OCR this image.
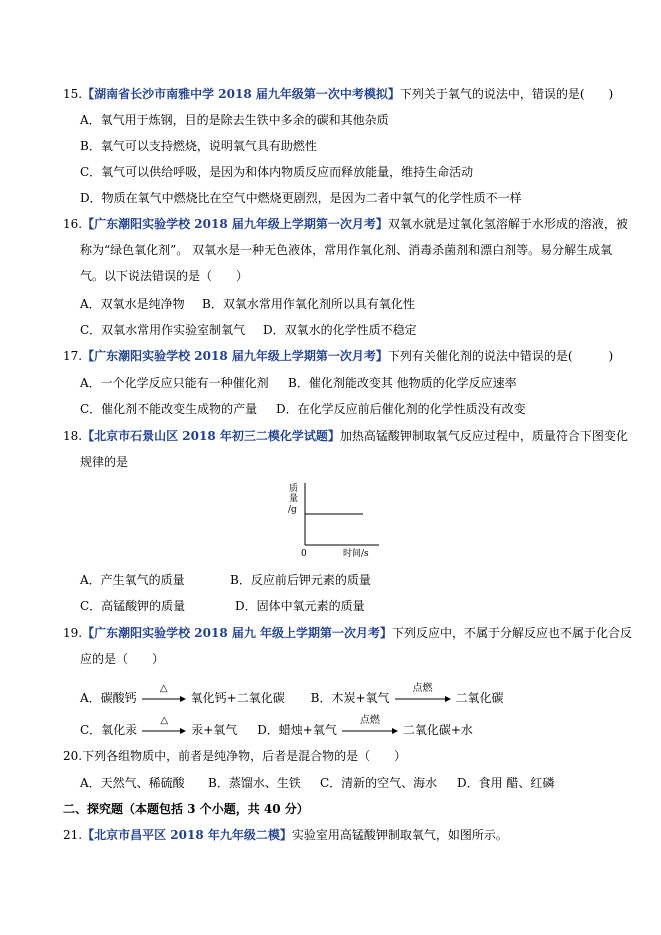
15.【湖南省长沙市南雅中学 2018 届九年级第一次中考模拟】下列关于氧气的说法中，错误的是(　　)
A．氧气用于炼钢，目的是除去生铁中多余的碳和其他杂质
B．氧气可以支持燃烧，说明氧气具有助燃性
C．氧气可以供给呼吸，是因为和体内物质反应而释放能量，维持生命活动
D．物质在氧气中燃烧比在空气中燃烧更剧烈，是因为二者中氧气的化学性质不一样
16.【广东潮阳实验学校 2018 届九年级上学期第一次月考】双氧水就是过氧化氢溶解于水形成的溶液，被
称为“绿色氧化剂”。 双氧水是一种无色液体，常用作氧化剂、消毒杀菌剂和漂白剂等。易分解生成氧
气。以下说法错误的是（　　）
A．双氧水是纯净物 B．双氧水常用作氧化剂所以具有氧化性
C．双氧水常用作实验室制氧气 D．双氧水的化学性质不稳定
17.【广东潮阳实验学校 2018 届九年级上学期第一次月考】下列有关催化剂的说法中错误的是(　　　)
A．一个化学反应只能有一种催化剂 B．催化剂能改变其 他物质的化学反应速率
C．催化剂不能改变生成物的产量 D．在化学反应前后催化剂的化学性质没有改变
18.【北京市石景山区 2018 年初三二模化学试题】加热高锰酸钾制取氧气反应过程中，质量符合下图变化
规律的是
质
量
/g
0	时间/s
A．产生氧气的质量	B．反应前后钾元素的质量
C．高锰酸钾的质量	D．固体中氧元素的质量
19.【广东潮阳实验学校 2018 届九 年级上学期第一次月考】下列反应中，不属于分解反应也不属于化合反
应的是（　　）
A．碳酸钙
△
氧化钙+二氧化碳 B．木炭+氧气
点燃
二氧化碳
C．氧化汞
△
汞+氧气 D．蜡烛+氧气
点燃
二氧化碳+水
20.下列各组物质中，前者是纯净物，后者是混合物的是（　　）
A．天然气、稀硫酸 B．蒸馏水、生铁 C．清新的空气、海水 D．食用 醋、红磷
二、探究题（本题包括 3 个小题，共 40 分）
21.【北京市昌平区 2018 年九年级二模】实验室用高锰酸钾制取氧气，如图所示。
